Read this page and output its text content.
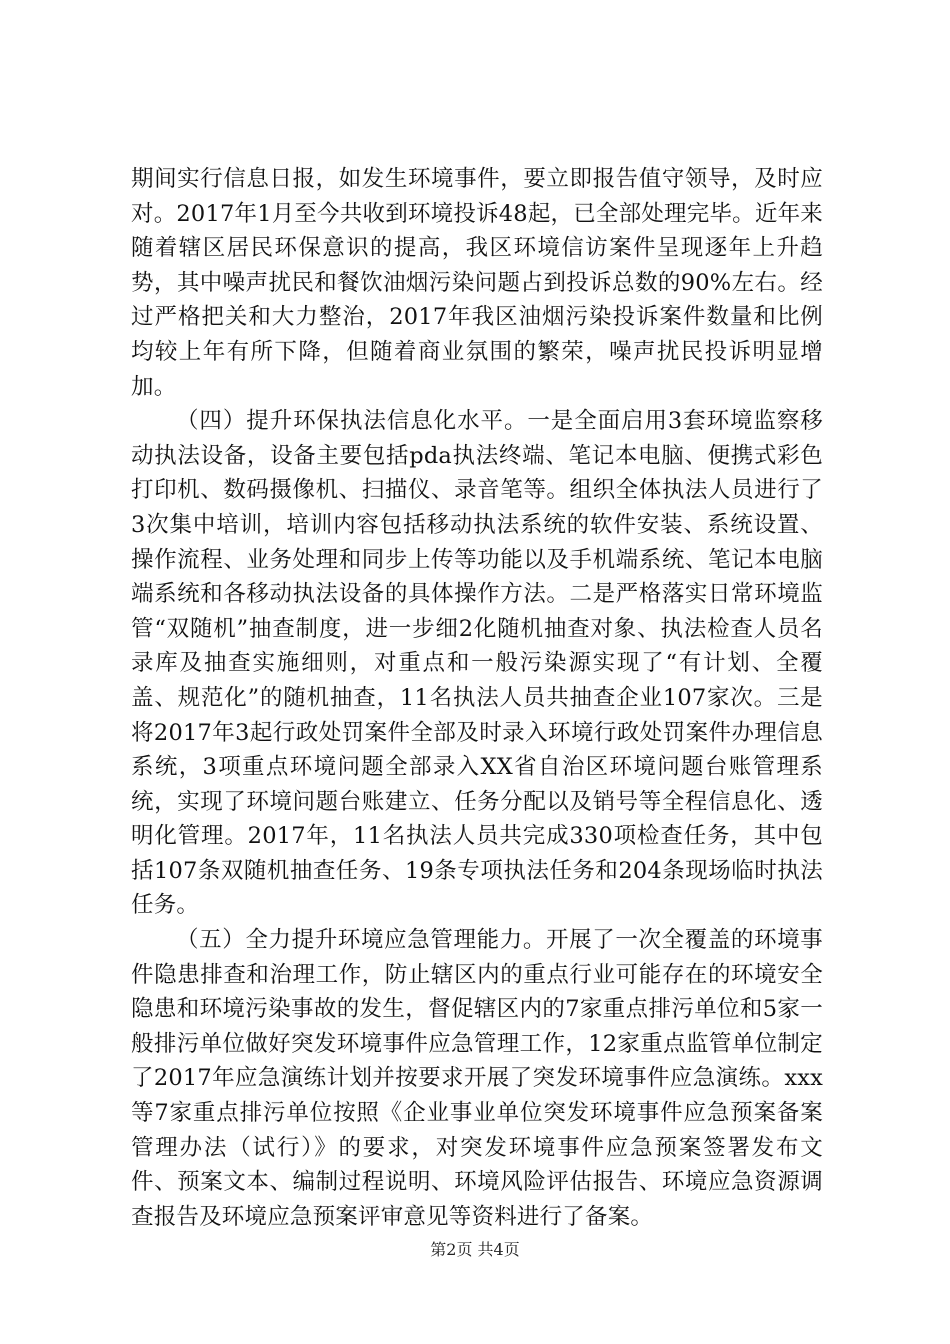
期间实行信息日报，如发生环境事件，要立即报告值守领导，及时应对。2017年1月至今共收到环境投诉48起，已全部处理完毕。近年来随着辖区居民环保意识的提高，我区环境信访案件呈现逐年上升趋势，其中噪声扰民和餐饮油烟污染问题占到投诉总数的90%左右。经过严格把关和大力整治，2017年我区油烟污染投诉案件数量和比例均较上年有所下降，但随着商业氛围的繁荣，噪声扰民投诉明显增加。

（四）提升环保执法信息化水平。一是全面启用3套环境监察移动执法设备，设备主要包括pda执法终端、笔记本电脑、便携式彩色打印机、数码摄像机、扫描仪、录音笔等。组织全体执法人员进行了3次集中培训，培训内容包括移动执法系统的软件安装、系统设置、操作流程、业务处理和同步上传等功能以及手机端系统、笔记本电脑端系统和各移动执法设备的具体操作方法。二是严格落实日常环境监管“双随机”抽查制度，进一步细2化随机抽查对象、执法检查人员名录库及抽查实施细则，对重点和一般污染源实现了“有计划、全覆盖、规范化”的随机抽查，11名执法人员共抽查企业107家次。三是将2017年3起行政处罚案件全部及时录入环境行政处罚案件办理信息系统，3项重点环境问题全部录入XX省自治区环境问题台账管理系统，实现了环境问题台账建立、任务分配以及销号等全程信息化、透明化管理。2017年，11名执法人员共完成330项检查任务，其中包括107条双随机抽查任务、19条专项执法任务和204条现场临时执法任务。

（五）全力提升环境应急管理能力。开展了一次全覆盖的环境事件隐患排查和治理工作，防止辖区内的重点行业可能存在的环境安全隐患和环境污染事故的发生，督促辖区内的7家重点排污单位和5家一般排污单位做好突发环境事件应急管理工作，12家重点监管单位制定了2017年应急演练计划并按要求开展了突发环境事件应急演练。xxx等7家重点排污单位按照《企业事业单位突发环境事件应急预案备案管理办法（试行）》的要求，对突发环境事件应急预案签署发布文件、预案文本、编制过程说明、环境风险评估报告、环境应急资源调查报告及环境应急预案评审意见等资料进行了备案。

第2页 共4页
